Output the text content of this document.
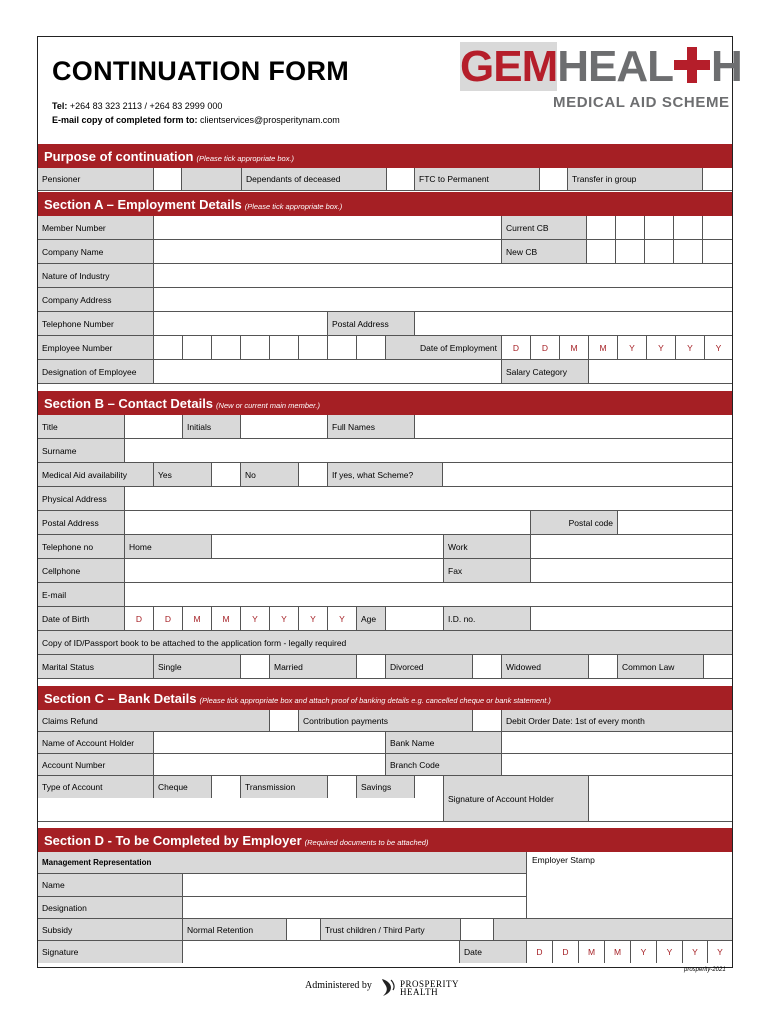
CONTINUATION FORM
Tel: +264 83 323 2113 / +264 83 2999 000
E-mail copy of completed form to: clientservices@prosperitynam.com
GEMHEAL H
MEDICAL AID SCHEME
Purpose of continuation (Please tick appropriate box.)
Pensioner	Dependants of deceased	FTC to Permanent	Transfer in group
Section A – Employment Details (Please tick appropriate box.)
Member Number	Current CB
Company Name	New CB
Nature of Industry
Company Address
Telephone Number	Postal Address
Employee Number	Date of Employment	D	D	M	M	Y	Y	Y	Y
Designation of Employee	Salary Category
Section B – Contact Details (New or current main member.)
Title	Initials	Full Names
Surname
Medical Aid availability	Yes	No	If yes, what Scheme?
Physical Address
Postal Address	Postal code
Telephone no	Home	Work
Cellphone	Fax
E-mail
Date of Birth	D	D	M	M	Y	Y	Y	Y	Age	I.D. no.
Copy of ID/Passport book to be attached to the application form - legally required
Marital Status	Single	Married	Divorced	Widowed	Common Law
Section C – Bank Details (Please tick appropriate box and attach proof of banking details e.g. cancelled cheque or bank statement.)
Claims Refund	Contribution payments	Debit Order Date: 1st of every month
Name of Account Holder	Bank Name
Account Number	Branch Code
Type of Account	Cheque	Transmission	Savings
Signature of Account Holder
Section D - To be Completed by Employer (Required documents to be attached)
Management Representation	Employer Stamp
Name
Designation
Subsidy	Normal Retention	Trust children / Third Party
Signature	Date	D	D	M	M	Y	Y	Y	Y
prosperity-2021
Administered by	PROSPERITY
HEALTH
